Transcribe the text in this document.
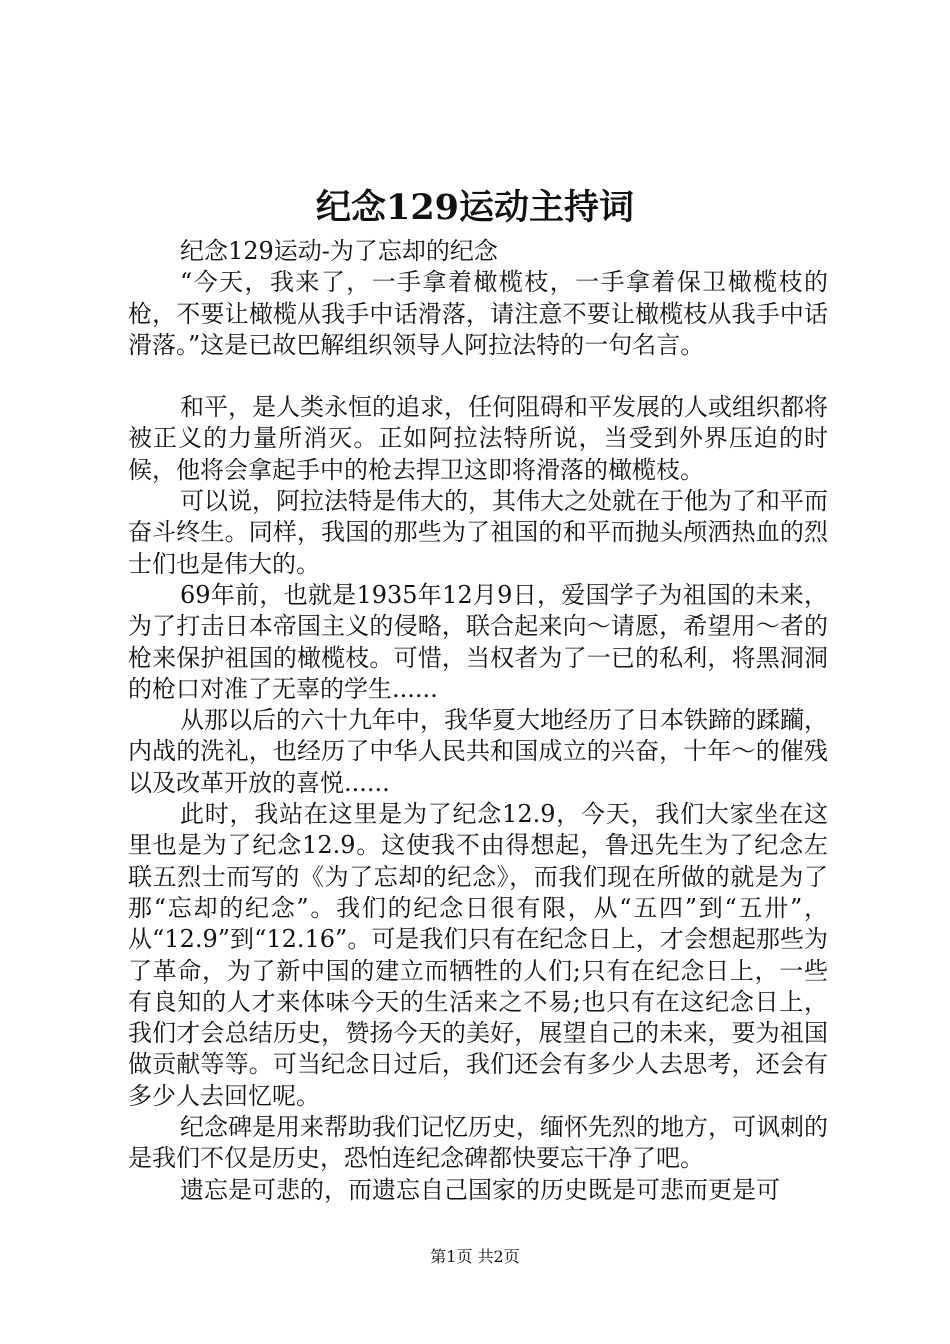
纪念129运动主持词

纪念129运动-为了忘却的纪念

“今天，我来了，一手拿着橄榄枝，一手拿着保卫橄榄枝的枪，不要让橄榄从我手中话滑落，请注意不要让橄榄枝从我手中话滑落。”这是已故巴解组织领导人阿拉法特的一句名言。

和平，是人类永恒的追求，任何阻碍和平发展的人或组织都将被正义的力量所消灭。正如阿拉法特所说，当受到外界压迫的时候，他将会拿起手中的枪去捍卫这即将滑落的橄榄枝。

可以说，阿拉法特是伟大的，其伟大之处就在于他为了和平而奋斗终生。同样，我国的那些为了祖国的和平而抛头颅洒热血的烈士们也是伟大的。

69年前，也就是1935年12月9日，爱国学子为祖国的未来，为了打击日本帝国主义的侵略，联合起来向～请愿，希望用～者的枪来保护祖国的橄榄枝。可惜，当权者为了一已的私利，将黑洞洞的枪口对准了无辜的学生......

从那以后的六十九年中，我华夏大地经历了日本铁蹄的蹂躏，内战的洗礼，也经历了中华人民共和国成立的兴奋，十年～的催残以及改革开放的喜悦......

此时，我站在这里是为了纪念12.9，今天，我们大家坐在这里也是为了纪念12.9。这使我不由得想起，鲁迅先生为了纪念左联五烈士而写的《为了忘却的纪念》，而我们现在所做的就是为了那“忘却的纪念”。我们的纪念日很有限，从“五四”到“五卅”，从“12.9”到“12.16”。可是我们只有在纪念日上，才会想起那些为了革命，为了新中国的建立而牺牲的人们;只有在纪念日上，一些有良知的人才来体味今天的生活来之不易;也只有在这纪念日上，我们才会总结历史，赞扬今天的美好，展望自己的未来，要为祖国做贡献等等。可当纪念日过后，我们还会有多少人去思考，还会有多少人去回忆呢。

纪念碑是用来帮助我们记忆历史，缅怀先烈的地方，可讽刺的是我们不仅是历史，恐怕连纪念碑都快要忘干净了吧。

遗忘是可悲的，而遗忘自己国家的历史既是可悲而更是可

第1页 共2页
